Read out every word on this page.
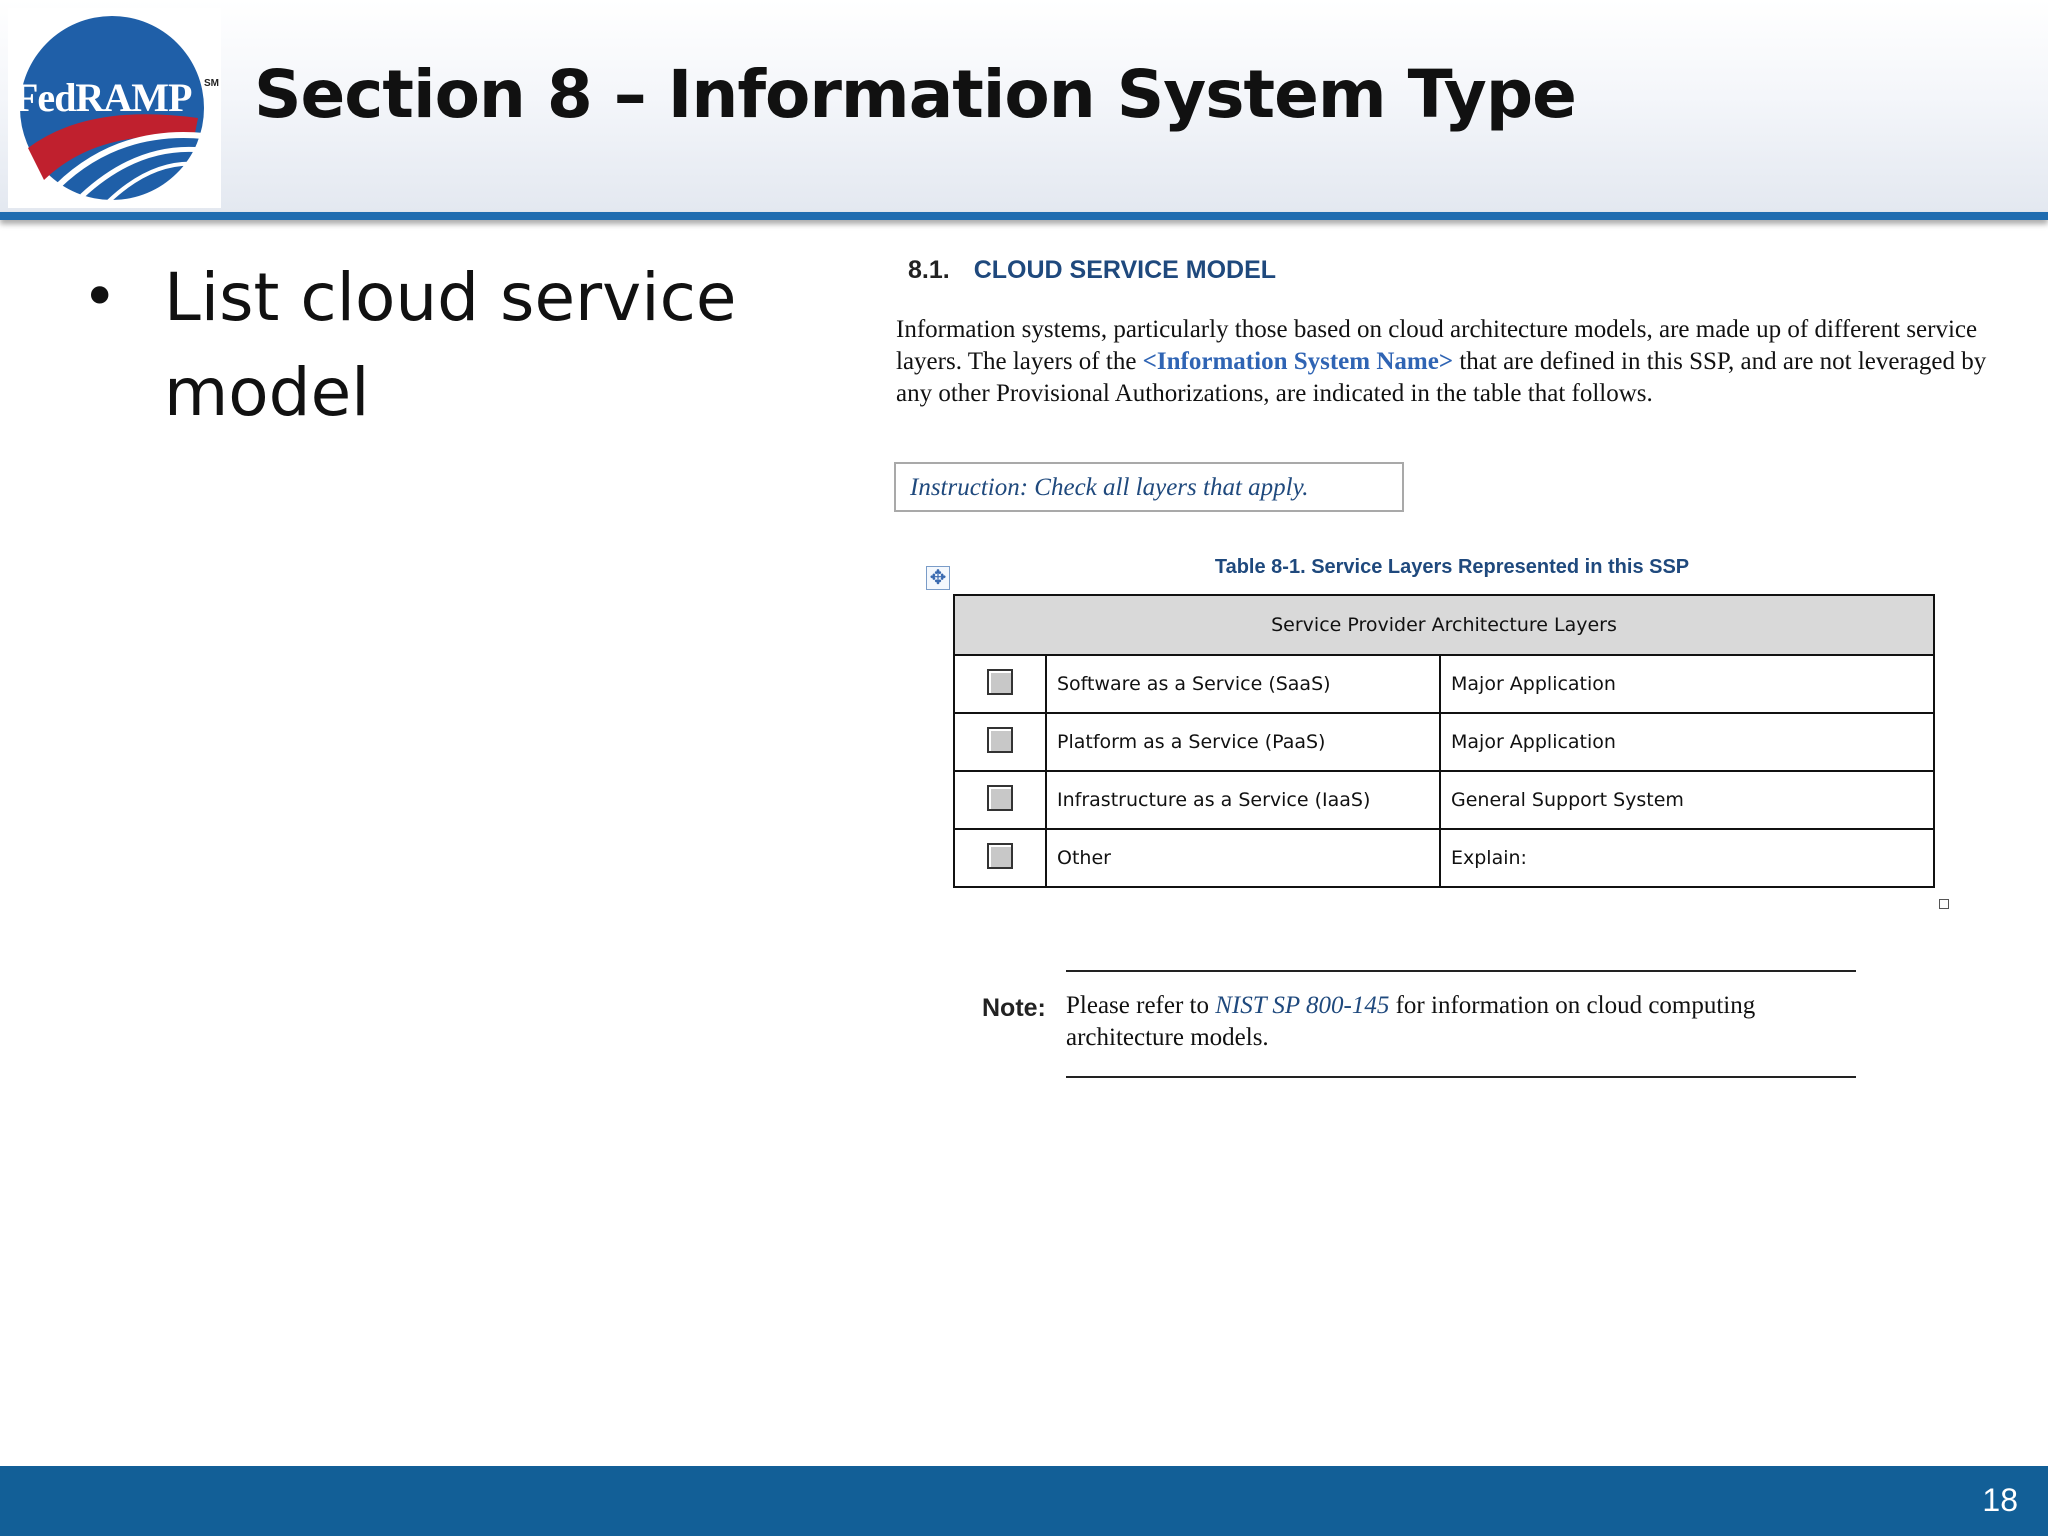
FedRAMP	SM Section 8 – Information System Type
• List cloud service model
8.1. CLOUD SERVICE MODEL
Information systems, particularly those based on cloud architecture models, are made up of different service layers. The layers of the <Information System Name> that are defined in this SSP, and are not leveraged by any other Provisional Authorizations, are indicated in the table that follows.
Instruction: Check all layers that apply.
✥	Table 8-1. Service Layers Represented in this SSP
Service Provider Architecture Layers		
	Software as a Service (SaaS)	Major Application
	Platform as a Service (PaaS)	Major Application
	Infrastructure as a Service (IaaS)	General Support System
	Other	Explain:
Note: Please refer to NIST SP 800-145 for information on cloud computing architecture models.
18
